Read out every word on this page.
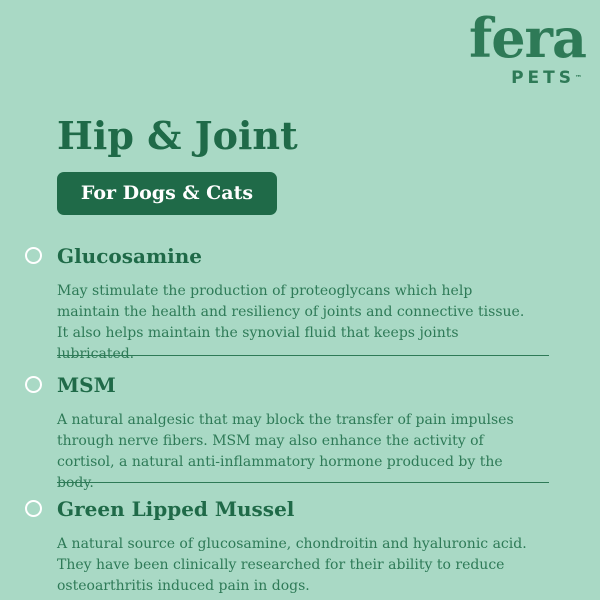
fera
PETS™
Hip & Joint
For Dogs & Cats
Glucosamine

May stimulate the production of proteoglycans which help maintain the health and resiliency of joints and connective tissue. It also helps maintain the synovial fluid that keeps joints lubricated.

MSM

A natural analgesic that may block the transfer of pain impulses through nerve fibers. MSM may also enhance the activity of cortisol, a natural anti-inflammatory hormone produced by the body.

Green Lipped Mussel

A natural source of glucosamine, chondroitin and hyaluronic acid. They have been clinically researched for their ability to reduce osteoarthritis induced pain in dogs.
